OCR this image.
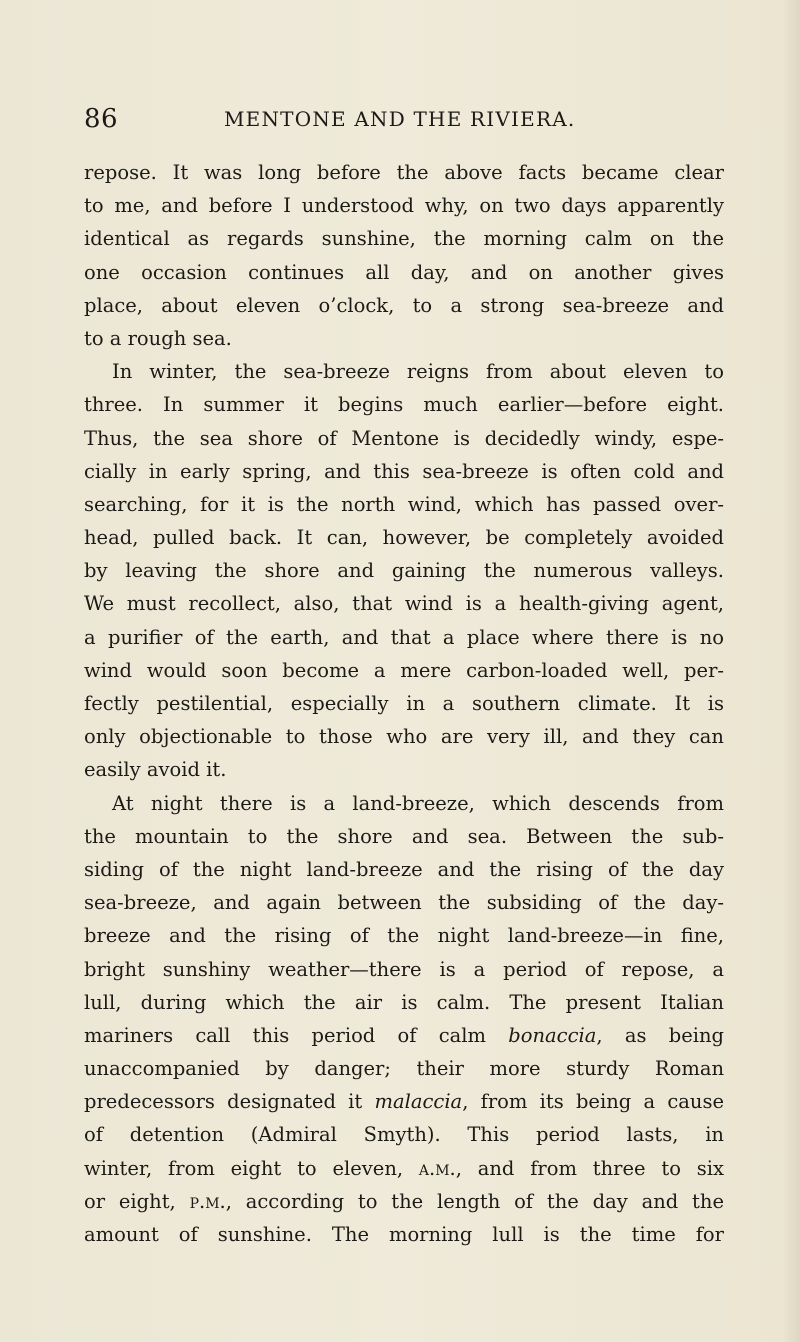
86	MENTONE AND THE RIVIERA.
repose. It was long before the above facts became clear
to me, and before I understood why, on two days apparently
identical as regards sunshine, the morning calm on the
one occasion continues all day, and on another gives
place, about eleven o’clock, to a strong sea-breeze and
to a rough sea.
In winter, the sea-breeze reigns from about eleven to
three. In summer it begins much earlier—before eight.
Thus, the sea shore of Mentone is decidedly windy, espe-
cially in early spring, and this sea-breeze is often cold and
searching, for it is the north wind, which has passed over-
head, pulled back. It can, however, be completely avoided
by leaving the shore and gaining the numerous valleys.
We must recollect, also, that wind is a health-giving agent,
a purifier of the earth, and that a place where there is no
wind would soon become a mere carbon-loaded well, per-
fectly pestilential, especially in a southern climate. It is
only objectionable to those who are very ill, and they can
easily avoid it.
At night there is a land-breeze, which descends from
the mountain to the shore and sea. Between the sub-
siding of the night land-breeze and the rising of the day
sea-breeze, and again between the subsiding of the day-
breeze and the rising of the night land-breeze—in fine,
bright sunshiny weather—there is a period of repose, a
lull, during which the air is calm. The present Italian
mariners call this period of calm bonaccia, as being
unaccompanied by danger; their more sturdy Roman
predecessors designated it malaccia, from its being a cause
of detention (Admiral Smyth). This period lasts, in
winter, from eight to eleven, a.m., and from three to six
or eight, p.m., according to the length of the day and the
amount of sunshine. The morning lull is the time for
